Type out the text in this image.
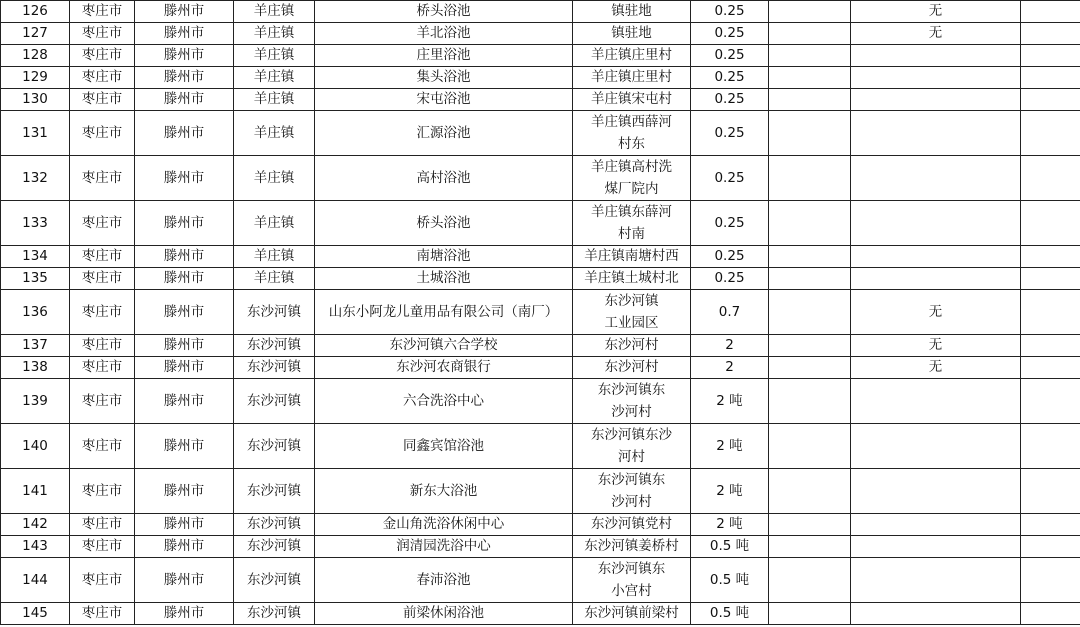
126	枣庄市	滕州市	羊庄镇	桥头浴池	镇驻地	0.25		无	
127	枣庄市	滕州市	羊庄镇	羊北浴池	镇驻地	0.25		无	
128	枣庄市	滕州市	羊庄镇	庄里浴池	羊庄镇庄里村	0.25			
129	枣庄市	滕州市	羊庄镇	集头浴池	羊庄镇庄里村	0.25			
130	枣庄市	滕州市	羊庄镇	宋屯浴池	羊庄镇宋屯村	0.25			
131	枣庄市	滕州市	羊庄镇	汇源浴池	羊庄镇西薛河
村东	0.25			
132	枣庄市	滕州市	羊庄镇	高村浴池	羊庄镇高村洗
煤厂院内	0.25			
133	枣庄市	滕州市	羊庄镇	桥头浴池	羊庄镇东薛河
村南	0.25			
134	枣庄市	滕州市	羊庄镇	南塘浴池	羊庄镇南塘村西	0.25			
135	枣庄市	滕州市	羊庄镇	土城浴池	羊庄镇土城村北	0.25			
136	枣庄市	滕州市	东沙河镇	山东小阿龙儿童用品有限公司（南厂）	东沙河镇
工业园区	0.7		无	
137	枣庄市	滕州市	东沙河镇	东沙河镇六合学校	东沙河村	2		无	
138	枣庄市	滕州市	东沙河镇	东沙河农商银行	东沙河村	2		无	
139	枣庄市	滕州市	东沙河镇	六合洗浴中心	东沙河镇东
沙河村	2 吨			
140	枣庄市	滕州市	东沙河镇	同鑫宾馆浴池	东沙河镇东沙
河村	2 吨			
141	枣庄市	滕州市	东沙河镇	新东大浴池	东沙河镇东
沙河村	2 吨			
142	枣庄市	滕州市	东沙河镇	金山角洗浴休闲中心	东沙河镇党村	2 吨			
143	枣庄市	滕州市	东沙河镇	润清园洗浴中心	东沙河镇姜桥村	0.5 吨			
144	枣庄市	滕州市	东沙河镇	春沛浴池	东沙河镇东
小宫村	0.5 吨			
145	枣庄市	滕州市	东沙河镇	前梁休闲浴池	东沙河镇前梁村	0.5 吨			
